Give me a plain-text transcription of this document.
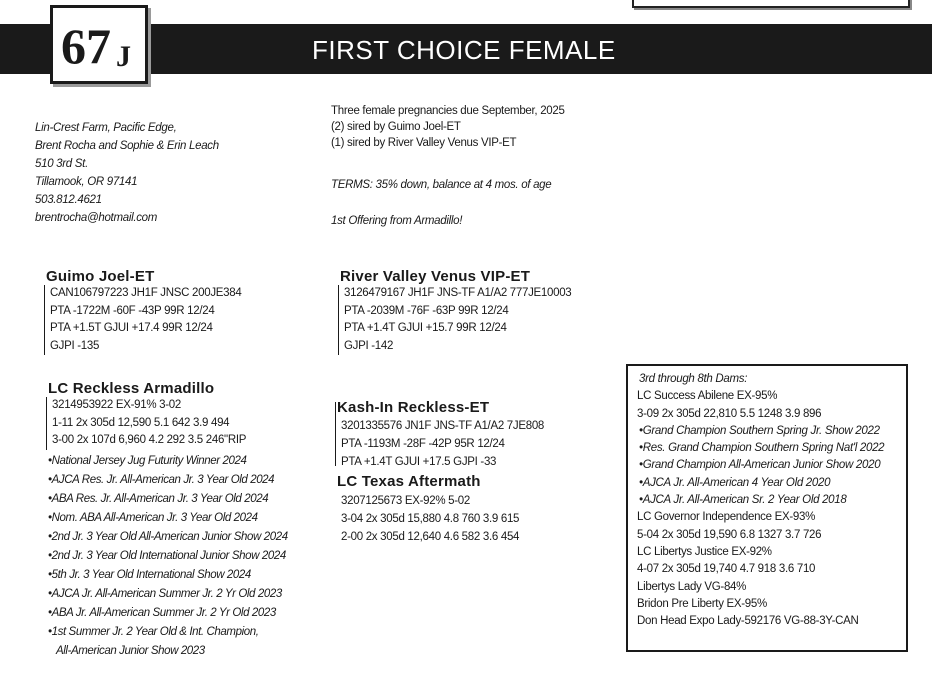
FIRST CHOICE FEMALE
67 J
Lin-Crest Farm, Pacific Edge,
Brent Rocha and Sophie & Erin Leach
510 3rd St.
Tillamook, OR 97141
503.812.4621
brentrocha@hotmail.com
Three female pregnancies due September, 2025
(2) sired by Guimo Joel-ET
(1) sired by River Valley Venus VIP-ET
TERMS: 35% down, balance at 4 mos. of age
1st Offering from Armadillo!
Guimo Joel-ET
CAN106797223 JH1F JNSC 200JE384
PTA -1722M -60F -43P 99R 12/24
PTA +1.5T GJUI +17.4 99R 12/24
GJPI -135
River Valley Venus VIP-ET
3126479167 JH1F JNS-TF A1/A2 777JE10003
PTA -2039M -76F -63P 99R 12/24
PTA +1.4T GJUI +15.7 99R 12/24
GJPI -142
LC Reckless Armadillo
3214953922 EX-91% 3-02
1-11 2x 305d 12,590 5.1 642 3.9 494
3-00 2x 107d 6,960 4.2 292 3.5 246"RIP
•National Jersey Jug Futurity Winner 2024
•AJCA Res. Jr. All-American Jr. 3 Year Old 2024
•ABA Res. Jr. All-American Jr. 3 Year Old 2024
•Nom. ABA All-American Jr. 3 Year Old 2024
•2nd Jr. 3 Year Old All-American Junior Show 2024
•2nd Jr. 3 Year Old International Junior Show 2024
•5th Jr. 3 Year Old International Show 2024
•AJCA Jr. All-American Summer Jr. 2 Yr Old 2023
•ABA Jr. All-American Summer Jr. 2 Yr Old 2023
•1st Summer Jr. 2 Year Old & Int. Champion,
All-American Junior Show 2023
Kash-In Reckless-ET
3201335576 JN1F JNS-TF A1/A2 7JE808
PTA -1193M -28F -42P 95R 12/24
PTA +1.4T GJUI +17.5 GJPI -33
LC Texas Aftermath
3207125673 EX-92% 5-02
3-04 2x 305d 15,880 4.8 760 3.9 615
2-00 2x 305d 12,640 4.6 582 3.6 454
3rd through 8th Dams:
LC Success Abilene EX-95%
3-09 2x 305d 22,810 5.5 1248 3.9 896
•Grand Champion Southern Spring Jr. Show 2022
•Res. Grand Champion Southern Spring Nat'l 2022
•Grand Champion All-American Junior Show 2020
•AJCA Jr. All-American 4 Year Old 2020
•AJCA Jr. All-American Sr. 2 Year Old 2018
LC Governor Independence EX-93%
5-04 2x 305d 19,590 6.8 1327 3.7 726
LC Libertys Justice EX-92%
4-07 2x 305d 19,740 4.7 918 3.6 710
Libertys Lady VG-84%
Bridon Pre Liberty EX-95%
Don Head Expo Lady-592176 VG-88-3Y-CAN
